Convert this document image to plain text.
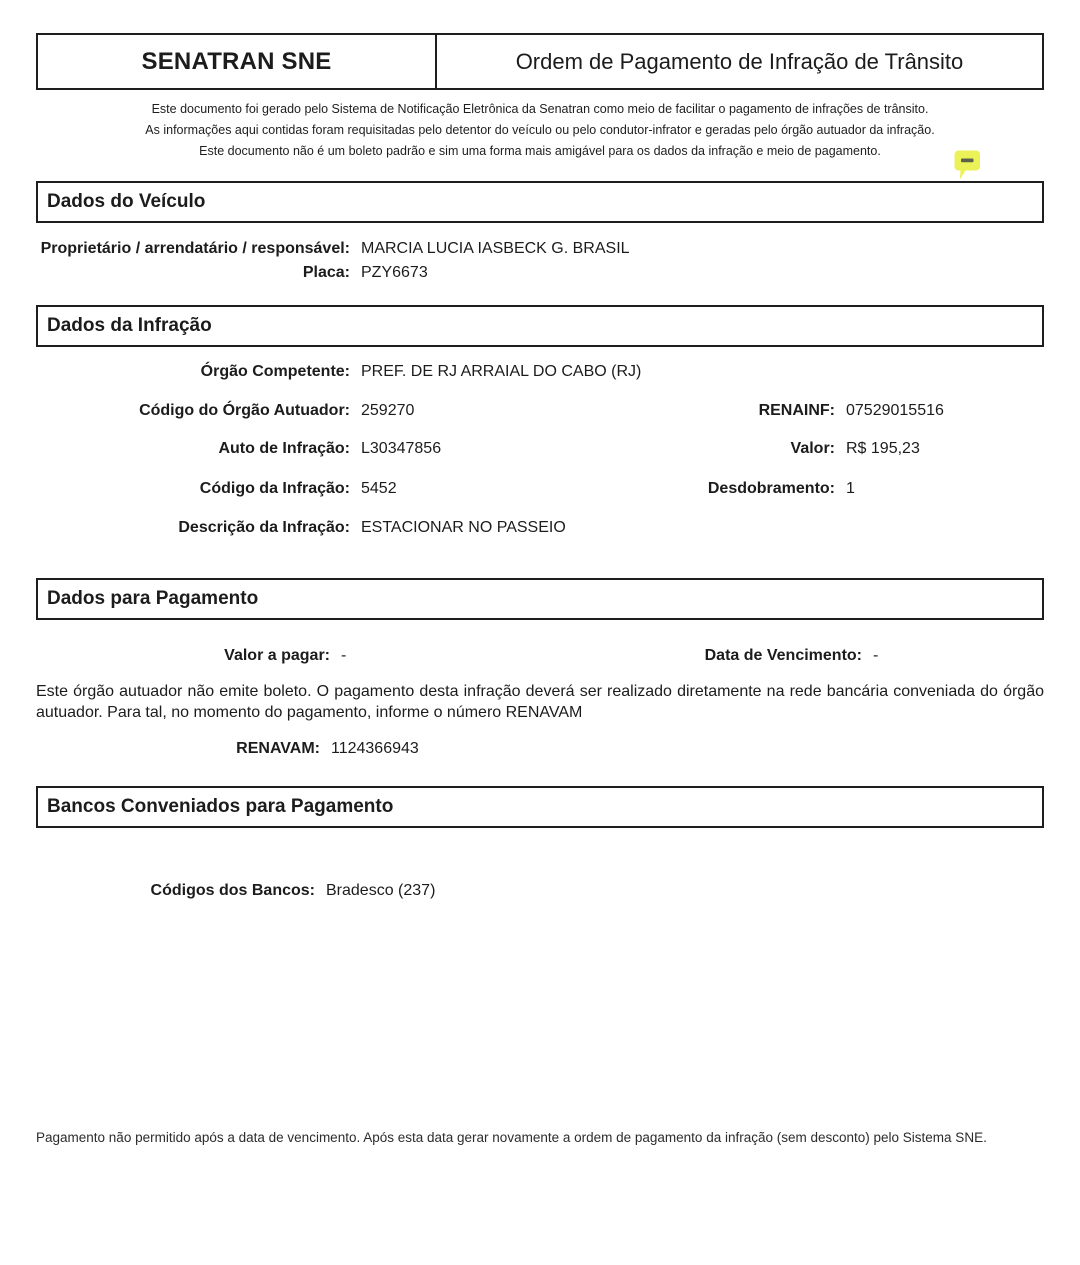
SENATRAN SNE	Ordem de Pagamento de Infração de Trânsito
Este documento foi gerado pelo Sistema de Notificação Eletrônica da Senatran como meio de facilitar o pagamento de infrações de trânsito.
As informações aqui contidas foram requisitadas pelo detentor do veículo ou pelo condutor-infrator e geradas pelo órgão autuador da infração.
Este documento não é um boleto padrão e sim uma forma mais amigável para os dados da infração e meio de pagamento.
Dados do Veículo
Proprietário / arrendatário / responsável: MARCIA LUCIA IASBECK G. BRASIL
Placa: PZY6673
Dados da Infração
Órgão Competente: PREF. DE RJ ARRAIAL DO CABO (RJ)
Código do Órgão Autuador: 259270	RENAINF: 07529015516
Auto de Infração: L30347856	Valor: R$ 195,23
Código da Infração: 5452	Desdobramento: 1
Descrição da Infração: ESTACIONAR NO PASSEIO
Dados para Pagamento
Valor a pagar: -	Data de Vencimento: -
Este órgão autuador não emite boleto. O pagamento desta infração deverá ser realizado diretamente na rede bancária conveniada do órgão autuador. Para tal, no momento do pagamento, informe o número RENAVAM
RENAVAM: 1124366943
Bancos Conveniados para Pagamento
Códigos dos Bancos: Bradesco (237)
Pagamento não permitido após a data de vencimento. Após esta data gerar novamente a ordem de pagamento da infração (sem desconto) pelo Sistema SNE.
